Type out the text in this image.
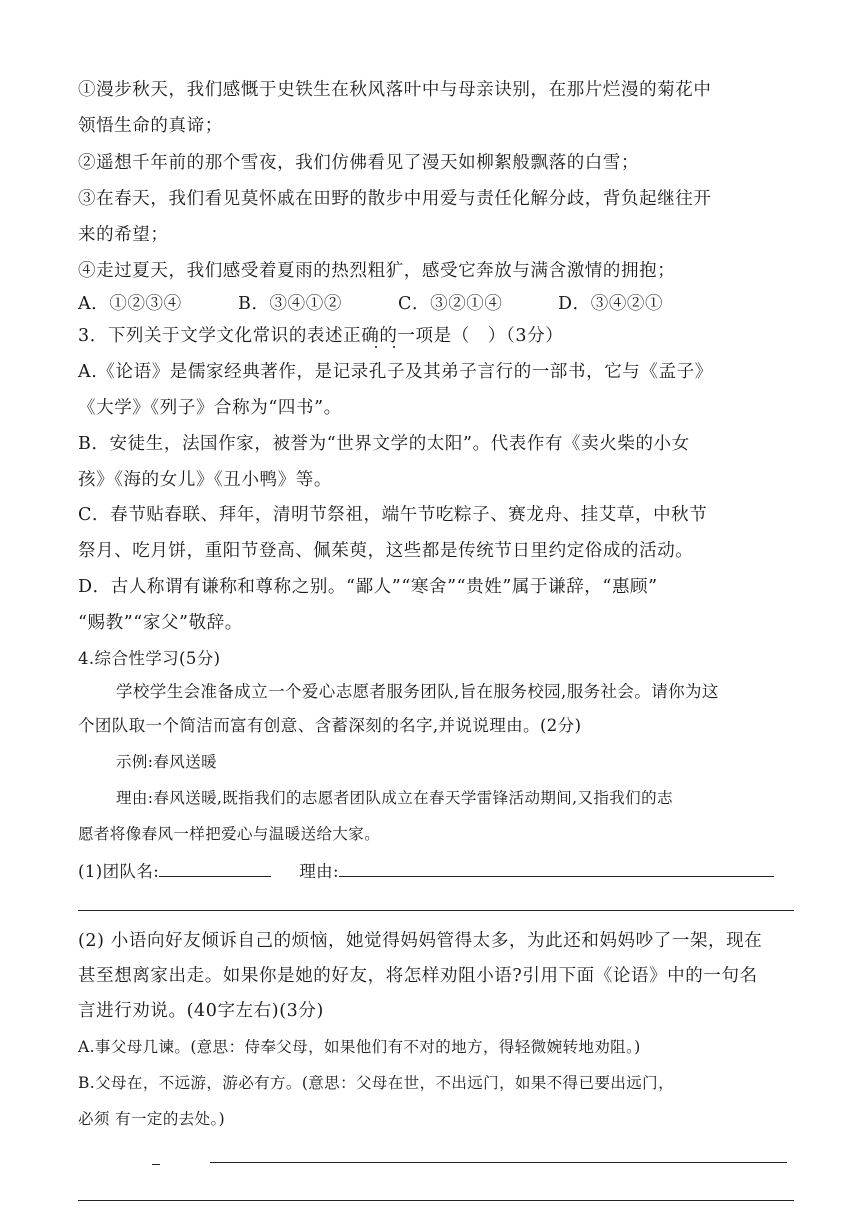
①漫步秋天，我们感慨于史铁生在秋风落叶中与母亲诀别，在那片烂漫的菊花中
领悟生命的真谛；
②遥想千年前的那个雪夜，我们仿佛看见了漫天如柳絮般飘落的白雪；
③在春天，我们看见莫怀戚在田野的散步中用爱与责任化解分歧，背负起继往开
来的希望；
④走过夏天，我们感受着夏雨的热烈粗犷，感受它奔放与满含激情的拥抱；
A．①②③④	B．③④①②	C．③②①④	D．③④②①
3．下列关于文学文化常识的表述正确的一项是（　）（3分）
A.《论语》是儒家经典著作，是记录孔子及其弟子言行的一部书，它与《孟子》
《大学》《列子》合称为“四书”。
B．安徒生，法国作家，被誉为“世界文学的太阳”。代表作有《卖火柴的小女
孩》《海的女儿》《丑小鸭》等。
C．春节贴春联、拜年，清明节祭祖，端午节吃粽子、赛龙舟、挂艾草，中秋节
祭月、吃月饼，重阳节登高、佩茱萸，这些都是传统节日里约定俗成的活动。
D．古人称谓有谦称和尊称之别。“鄙人”“寒舍”“贵姓”属于谦辞，“惠顾”
“赐教”“家父”敬辞。
4.综合性学习(5分)
学校学生会准备成立一个爱心志愿者服务团队,旨在服务校园,服务社会。请你为这
个团队取一个简洁而富有创意、含蓄深刻的名字,并说说理由。(2分)
示例:春风送暖
理由:春风送暖,既指我们的志愿者团队成立在春天学雷锋活动期间,又指我们的志
愿者将像春风一样把爱心与温暖送给大家。
(1)团队名:	理由:
(2) 小语向好友倾诉自己的烦恼，她觉得妈妈管得太多，为此还和妈妈吵了一架，现在
甚至想离家出走。如果你是她的好友，将怎样劝阻小语?引用下面《论语》中的一句名
言进行劝说。(40字左右)(3分)
A.事父母几谏。(意思：侍奉父母，如果他们有不对的地方，得轻微婉转地劝阻。)
B.父母在，不远游，游必有方。(意思：父母在世，不出远门，如果不得已要出远门，
必须 有一定的去处。)
